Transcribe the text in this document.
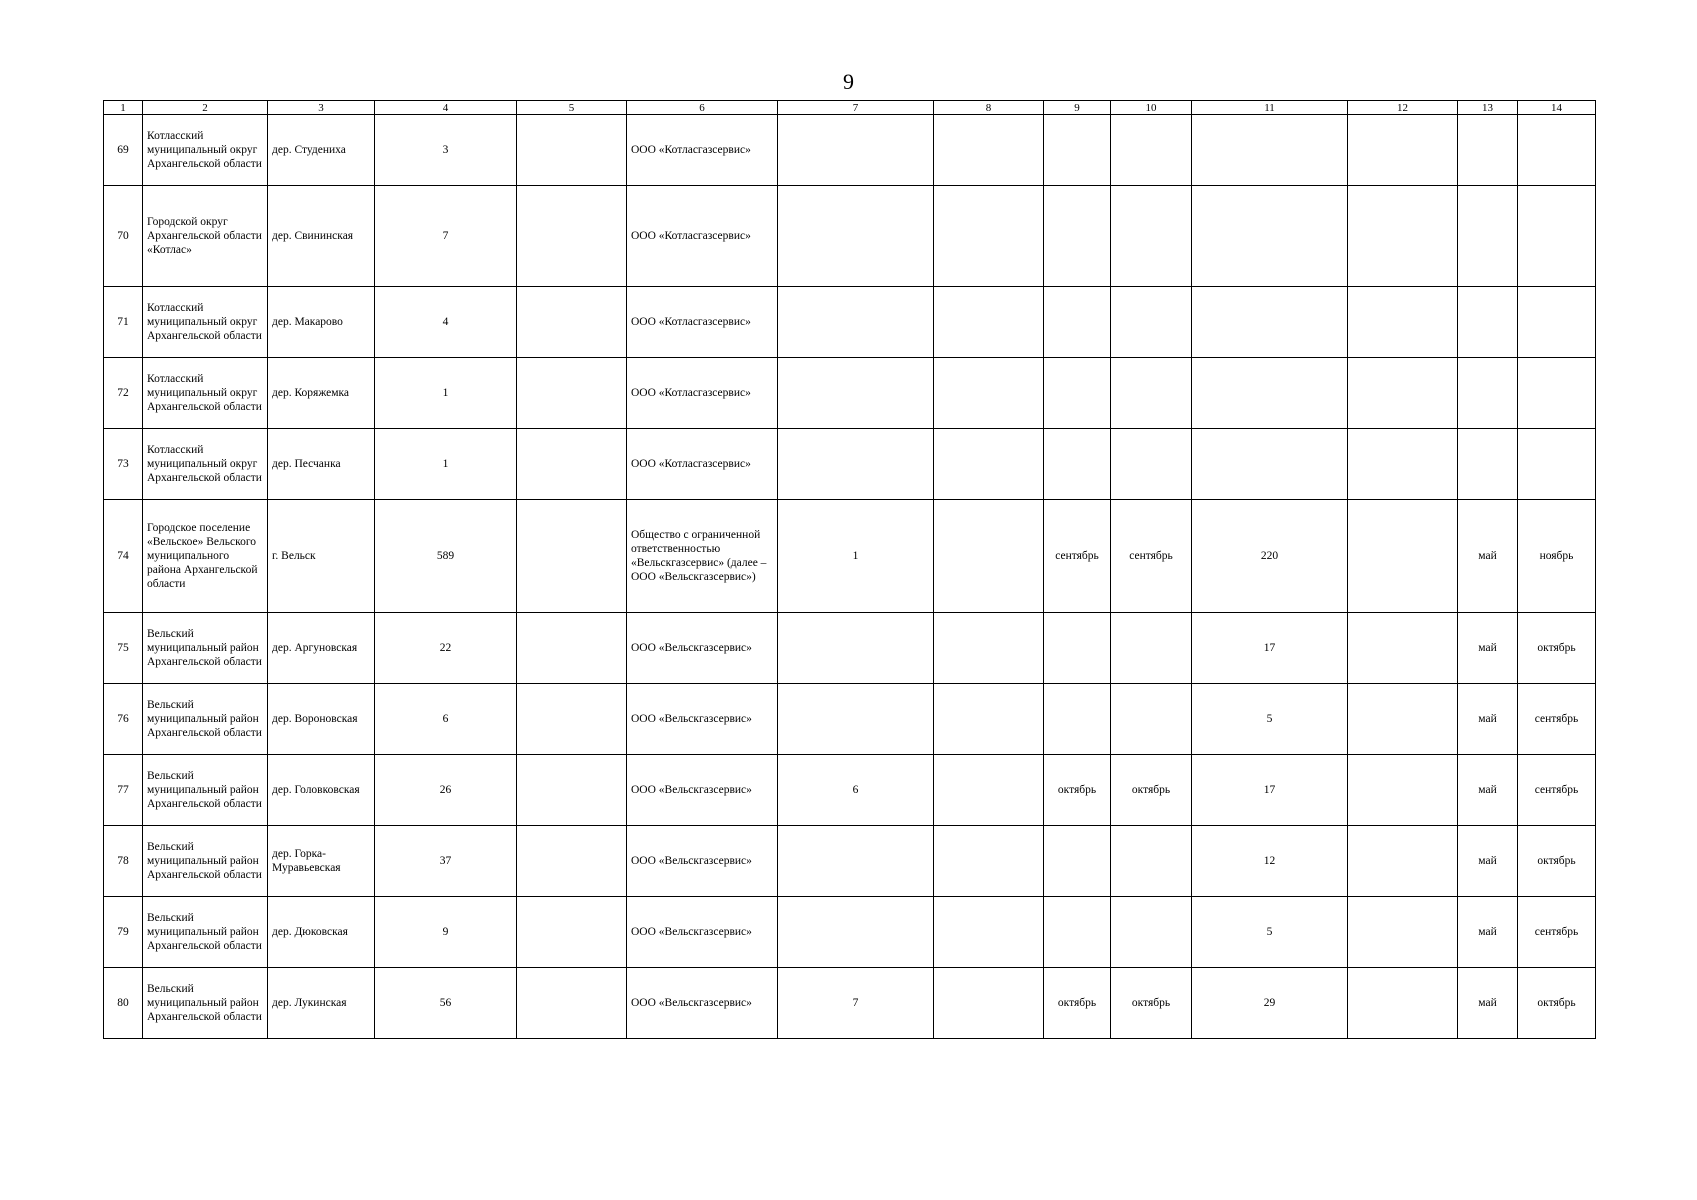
9
1	2	3	4	5	6	7	8	9	10	11	12	13	14
69	Котласский муниципальный округ Архангельской области	дер. Студениха	3		ООО «Котласгазсервис»								
70	Городской округ Архангельской области «Котлас»	дер. Свининская	7		ООО «Котласгазсервис»								
71	Котласский муниципальный округ Архангельской области	дер. Макарово	4		ООО «Котласгазсервис»								
72	Котласский муниципальный округ Архангельской области	дер. Коряжемка	1		ООО «Котласгазсервис»								
73	Котласский муниципальный округ Архангельской области	дер. Песчанка	1		ООО «Котласгазсервис»								
74	Городское поселение «Вельское» Вельского муниципального района Архангельской области	г. Вельск	589		Общество с ограниченной ответственностью «Вельскгазсервис» (далее – ООО «Вельскгазсервис»)	1		сентябрь	сентябрь	220		май	ноябрь
75	Вельский муниципальный район Архангельской области	дер. Аргуновская	22		ООО «Вельскгазсервис»					17		май	октябрь
76	Вельский муниципальный район Архангельской области	дер. Вороновская	6		ООО «Вельскгазсервис»					5		май	сентябрь
77	Вельский муниципальный район Архангельской области	дер. Головковская	26		ООО «Вельскгазсервис»	6		октябрь	октябрь	17		май	сентябрь
78	Вельский муниципальный район Архангельской области	дер. Горка-Муравьевская	37		ООО «Вельскгазсервис»					12		май	октябрь
79	Вельский муниципальный район Архангельской области	дер. Дюковская	9		ООО «Вельскгазсервис»					5		май	сентябрь
80	Вельский муниципальный район Архангельской области	дер. Лукинская	56		ООО «Вельскгазсервис»	7		октябрь	октябрь	29		май	октябрь
